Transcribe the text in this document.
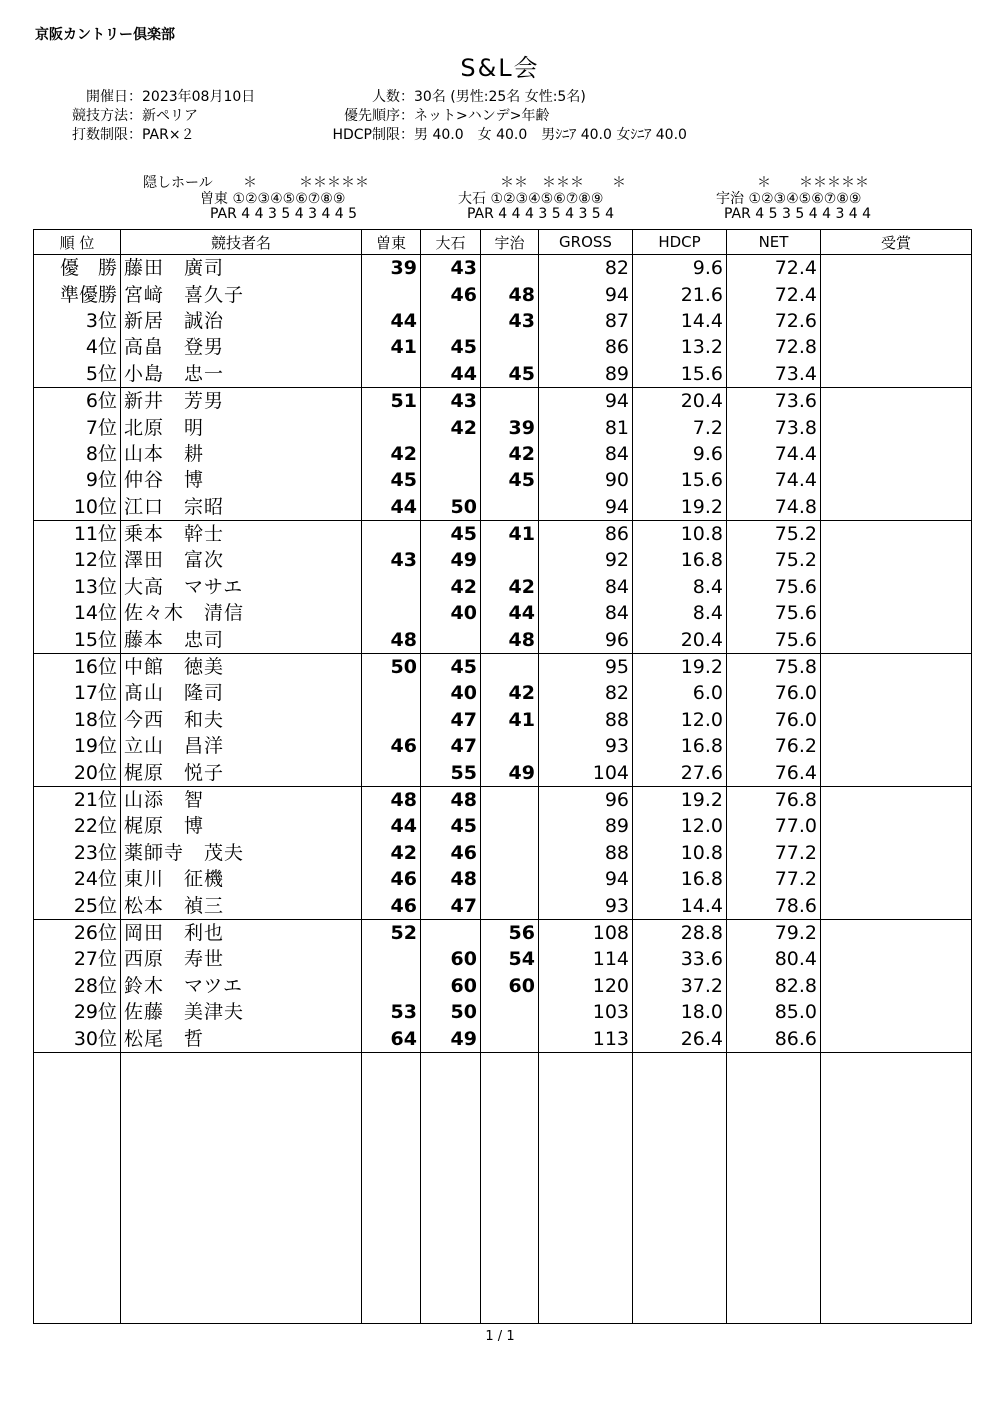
京阪カントリー倶楽部
S&L会
開催日：2023年08月10日
競技方法：新ペリア
打数制限：PAR×２
人数：30名 (男性:25名 女性:5名)
優先順序：ネット>ハンデ>年齢
HDCP制限：男 40.0　女 40.0　男ｼﾆｱ 40.0 女ｼﾆｱ 40.0
隠しホール ＊　　　＊＊＊＊＊	＊＊　＊＊＊　　＊	＊　　＊＊＊＊＊
曽東 ①②③④⑤⑥⑦⑧⑨	大石 ①②③④⑤⑥⑦⑧⑨	宇治 ①②③④⑤⑥⑦⑧⑨
PAR 4 4 3 5 4 3 4 4 5	PAR 4 4 4 3 5 4 3 5 4	PAR 4 5 3 5 4 4 3 4 4
順 位	競技者名	曽東	大石	宇治	GROSS	HDCP	NET	受賞
優　勝	藤田　廣司	39	43		82	9.6	72.4	
準優勝	宮﨑　喜久子		46	48	94	21.6	72.4	
3位	新居　誠治	44		43	87	14.4	72.6	
4位	高畠　登男	41	45		86	13.2	72.8	
5位	小島　忠一		44	45	89	15.6	73.4	
6位	新井　芳男	51	43		94	20.4	73.6	
7位	北原　明		42	39	81	7.2	73.8	
8位	山本　耕	42		42	84	9.6	74.4	
9位	仲谷　博	45		45	90	15.6	74.4	
10位	江口　宗昭	44	50		94	19.2	74.8	
11位	乗本　幹士		45	41	86	10.8	75.2	
12位	澤田　富次	43	49		92	16.8	75.2	
13位	大高　マサエ		42	42	84	8.4	75.6	
14位	佐々木　清信		40	44	84	8.4	75.6	
15位	藤本　忠司	48		48	96	20.4	75.6	
16位	中館　徳美	50	45		95	19.2	75.8	
17位	髙山　隆司		40	42	82	6.0	76.0	
18位	今西　和夫		47	41	88	12.0	76.0	
19位	立山　昌洋	46	47		93	16.8	76.2	
20位	梶原　悦子		55	49	104	27.6	76.4	
21位	山添　智	48	48		96	19.2	76.8	
22位	梶原　博	44	45		89	12.0	77.0	
23位	薬師寺　茂夫	42	46		88	10.8	77.2	
24位	東川　征機	46	48		94	16.8	77.2	
25位	松本　禎三	46	47		93	14.4	78.6	
26位	岡田　利也	52		56	108	28.8	79.2	
27位	西原　寿世		60	54	114	33.6	80.4	
28位	鈴木　マツエ		60	60	120	37.2	82.8	
29位	佐藤　美津夫	53	50		103	18.0	85.0	
30位	松尾　哲	64	49		113	26.4	86.6	

1 / 1
